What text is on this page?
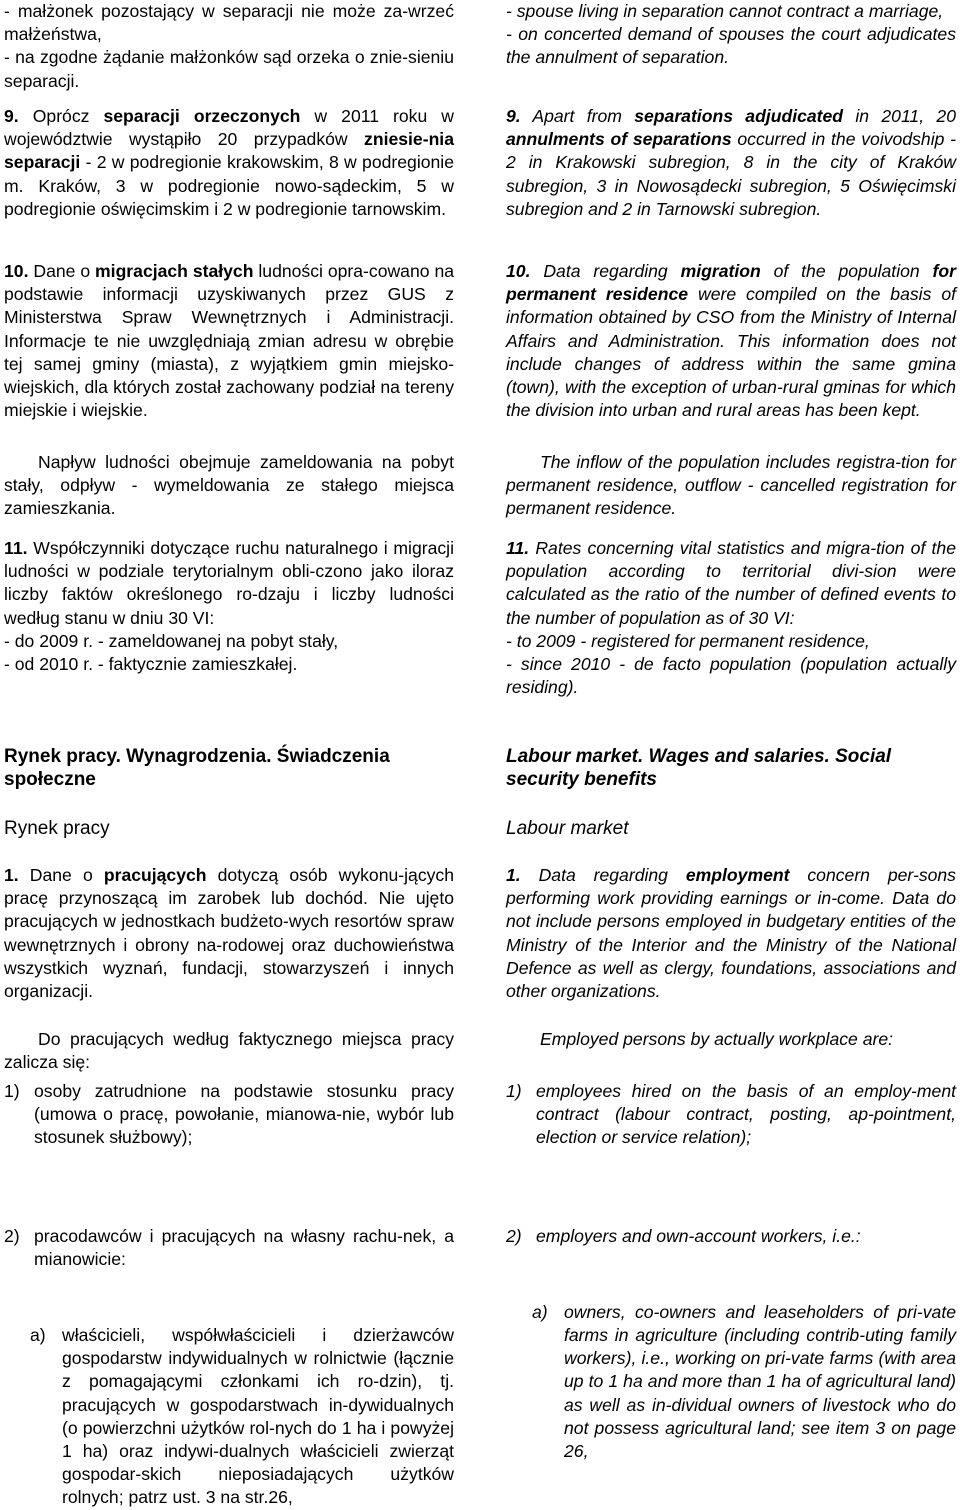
- małżonek pozostający w separacji nie może za-wrzeć małżeństwa,

- na zgodne żądanie małżonków sąd orzeka o znie-sieniu separacji.

9. Oprócz separacji orzeczonych w 2011 roku w województwie wystąpiło 20 przypadków zniesie-nia separacji - 2 w podregionie krakowskim, 8 w podregionie m. Kraków, 3 w podregionie nowo-sądeckim, 5 w podregionie oświęcimskim i 2 w podregionie tarnowskim.

10. Dane o migracjach stałych ludności opra-cowano na podstawie informacji uzyskiwanych przez GUS z Ministerstwa Spraw Wewnętrznych i Administracji. Informacje te nie uwzględniają zmian adresu w obrębie tej samej gminy (miasta), z wyjątkiem gmin miejsko-wiejskich, dla których został zachowany podział na tereny miejskie i wiejskie.

Napływ ludności obejmuje zameldowania na pobyt stały, odpływ - wymeldowania ze stałego miejsca zamieszkania.

11. Współczynniki dotyczące ruchu naturalnego i migracji ludności w podziale terytorialnym obli-czono jako iloraz liczby faktów określonego ro-dzaju i liczby ludności według stanu w dniu 30 VI:

- do 2009 r. - zameldowanej na pobyt stały,

- od 2010 r. - faktycznie zamieszkałej.

Rynek pracy. Wynagrodzenia. Świadczenia społeczne
Rynek pracy

1. Dane o pracujących dotyczą osób wykonu-jących pracę przynoszącą im zarobek lub dochód. Nie ujęto pracujących w jednostkach budżeto-wych resortów spraw wewnętrznych i obrony na-rodowej oraz duchowieństwa wszystkich wyznań, fundacji, stowarzyszeń i innych organizacji.

Do pracujących według faktycznego miejsca pracy zalicza się:

1) osoby zatrudnione na podstawie stosunku pracy (umowa o pracę, powołanie, mianowa-nie, wybór lub stosunek służbowy);

2) pracodawców i pracujących na własny rachu-nek, a mianowicie:

a) właścicieli, współwłaścicieli i dzierżawców gospodarstw indywidualnych w rolnictwie (łącznie z pomagającymi członkami ich ro-dzin), tj. pracujących w gospodarstwach in-dywidualnych (o powierzchni użytków rol-nych do 1 ha i powyżej 1 ha) oraz indywi-dualnych właścicieli zwierząt gospodar-skich nieposiadających użytków rolnych; patrz ust. 3 na str.26,

- spouse living in separation cannot contract a marriage,

- on concerted demand of spouses the court adjudicates the annulment of separation.

9. Apart from separations adjudicated in 2011, 20 annulments of separations occurred in the voivodship - 2 in Krakowski subregion, 8 in the city of Kraków subregion, 3 in Nowosądecki subregion, 5 Oświęcimski subregion and 2 in Tarnowski subregion.

10. Data regarding migration of the population for permanent residence were compiled on the basis of information obtained by CSO from the Ministry of Internal Affairs and Administration. This information does not include changes of address within the same gmina (town), with the exception of urban-rural gminas for which the division into urban and rural areas has been kept.

The inflow of the population includes registra-tion for permanent residence, outflow - cancelled registration for permanent residence.

11. Rates concerning vital statistics and migra-tion of the population according to territorial divi-sion were calculated as the ratio of the number of defined events to the number of population as of 30 VI:

- to 2009 - registered for permanent residence,

- since 2010 - de facto population (population actually residing).

Labour market. Wages and salaries. Social security benefits
Labour market

1. Data regarding employment concern per-sons performing work providing earnings or in-come. Data do not include persons employed in budgetary entities of the Ministry of the Interior and the Ministry of the National Defence as well as clergy, foundations, associations and other organizations.

Employed persons by actually workplace are:

1) employees hired on the basis of an employ-ment contract (labour contract, posting, ap-pointment, election or service relation);

2) employers and own-account workers, i.e.:

a) owners, co-owners and leaseholders of pri-vate farms in agriculture (including contrib-uting family workers), i.e., working on pri-vate farms (with area up to 1 ha and more than 1 ha of agricultural land) as well as in-dividual owners of livestock who do not possess agricultural land; see item 3 on page 26,
